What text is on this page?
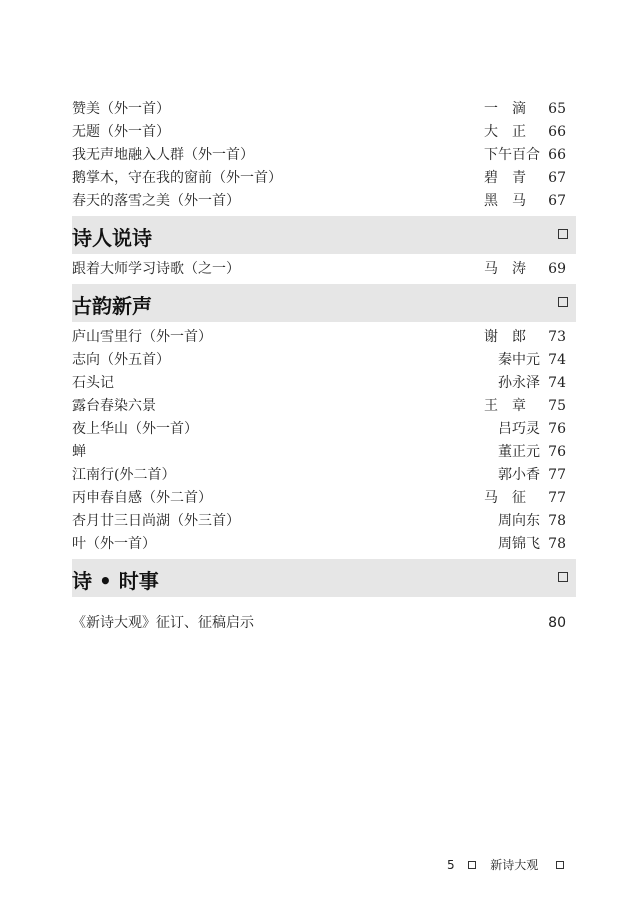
赞美（外一首）	一滴 65
无题（外一首）	大正 66
我无声地融入人群（外一首）	下午百合 66
鹅掌木，守在我的窗前（外一首）	碧青 67
春天的落雪之美（外一首）	黑马 67
诗人说诗
跟着大师学习诗歌（之一）	马涛 69
古韵新声
庐山雪里行（外一首）	谢郎 73
志向（外五首）	秦中元 74
石头记	孙永泽 74
露台春染六景	王章 75
夜上华山（外一首）	吕巧灵 76
蝉	董正元 76
江南行(外二首）	郭小香 77
丙申春自感（外二首）	马征 77
杏月廿三日尚湖（外三首）	周向东 78
叶（外一首）	周锦飞 78
诗 • 时事
《新诗大观》征订、征稿启示	80
5	新诗大观
